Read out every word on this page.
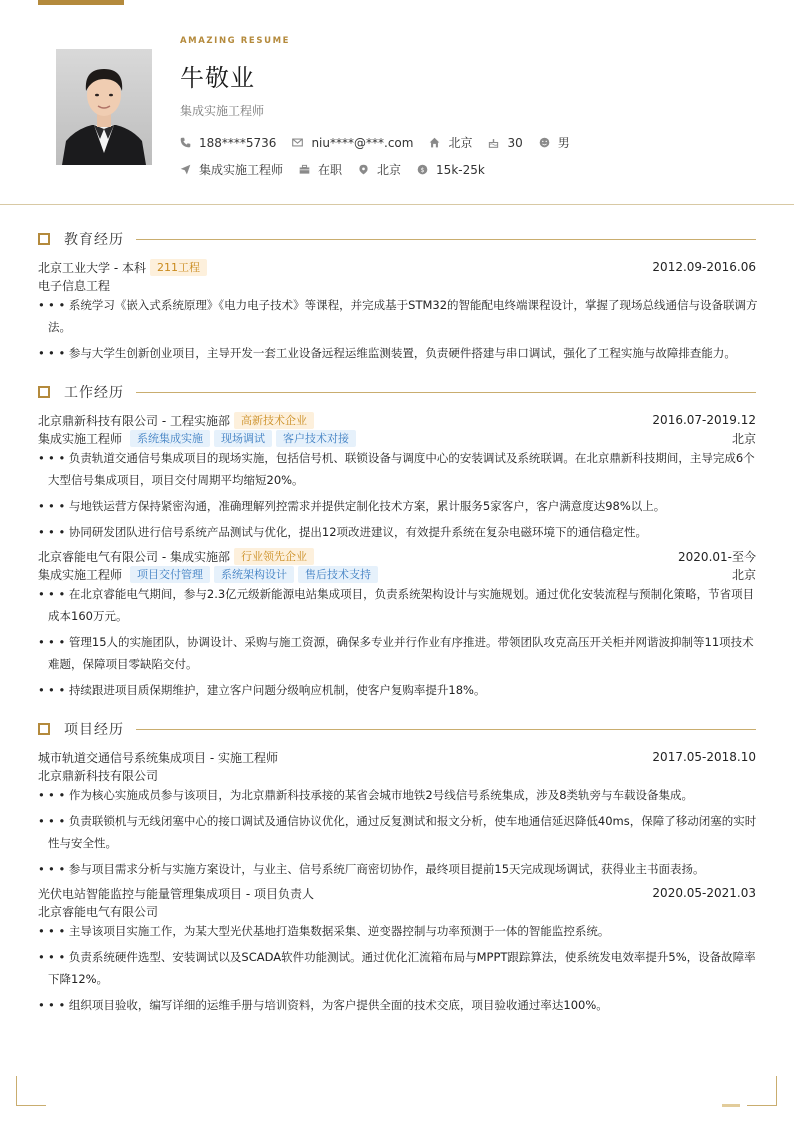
AMAZING RESUME
牛敬业
集成实施工程师
188****5736	niu****@***.com	北京	30	男
集成实施工程师	在职	北京 $ 15k-25k
教育经历
北京工业大学 - 本科	211工程	2012.09-2016.06
电子信息工程
• • • 系统学习《嵌入式系统原理》《电力电子技术》等课程，并完成基于STM32的智能配电终端课程设计，掌握了现场总线通信与设备联调方法。
• • • 参与大学生创新创业项目，主导开发一套工业设备远程运维监测装置，负责硬件搭建与串口调试，强化了工程实施与故障排查能力。
工作经历
北京鼎新科技有限公司 - 工程实施部	高新技术企业	2016.07-2019.12
集成实施工程师	系统集成实施	现场调试	客户技术对接	北京
• • • 负责轨道交通信号集成项目的现场实施，包括信号机、联锁设备与调度中心的安装调试及系统联调。在北京鼎新科技期间，主导完成6个大型信号集成项目，项目交付周期平均缩短20%。
• • • 与地铁运营方保持紧密沟通，准确理解列控需求并提供定制化技术方案，累计服务5家客户，客户满意度达98%以上。
• • • 协同研发团队进行信号系统产品测试与优化，提出12项改进建议，有效提升系统在复杂电磁环境下的通信稳定性。
北京睿能电气有限公司 - 集成实施部	行业领先企业	2020.01-至今
集成实施工程师	项目交付管理	系统架构设计	售后技术支持	北京
• • • 在北京睿能电气期间，参与2.3亿元级新能源电站集成项目，负责系统架构设计与实施规划。通过优化安装流程与预制化策略，节省项目成本160万元。
• • • 管理15人的实施团队，协调设计、采购与施工资源，确保多专业并行作业有序推进。带领团队攻克高压开关柜并网谐波抑制等11项技术难题，保障项目零缺陷交付。
• • • 持续跟进项目质保期维护，建立客户问题分级响应机制，使客户复购率提升18%。
项目经历
城市轨道交通信号系统集成项目 - 实施工程师	2017.05-2018.10
北京鼎新科技有限公司
• • • 作为核心实施成员参与该项目，为北京鼎新科技承接的某省会城市地铁2号线信号系统集成，涉及8类轨旁与车载设备集成。
• • • 负责联锁机与无线闭塞中心的接口调试及通信协议优化，通过反复测试和报文分析，使车地通信延迟降低40ms，保障了移动闭塞的实时性与安全性。
• • • 参与项目需求分析与实施方案设计，与业主、信号系统厂商密切协作，最终项目提前15天完成现场调试，获得业主书面表扬。
光伏电站智能监控与能量管理集成项目 - 项目负责人	2020.05-2021.03
北京睿能电气有限公司
• • • 主导该项目实施工作，为某大型光伏基地打造集数据采集、逆变器控制与功率预测于一体的智能监控系统。
• • • 负责系统硬件选型、安装调试以及SCADA软件功能测试。通过优化汇流箱布局与MPPT跟踪算法，使系统发电效率提升5%，设备故障率下降12%。
• • • 组织项目验收，编写详细的运维手册与培训资料，为客户提供全面的技术交底，项目验收通过率达100%。
